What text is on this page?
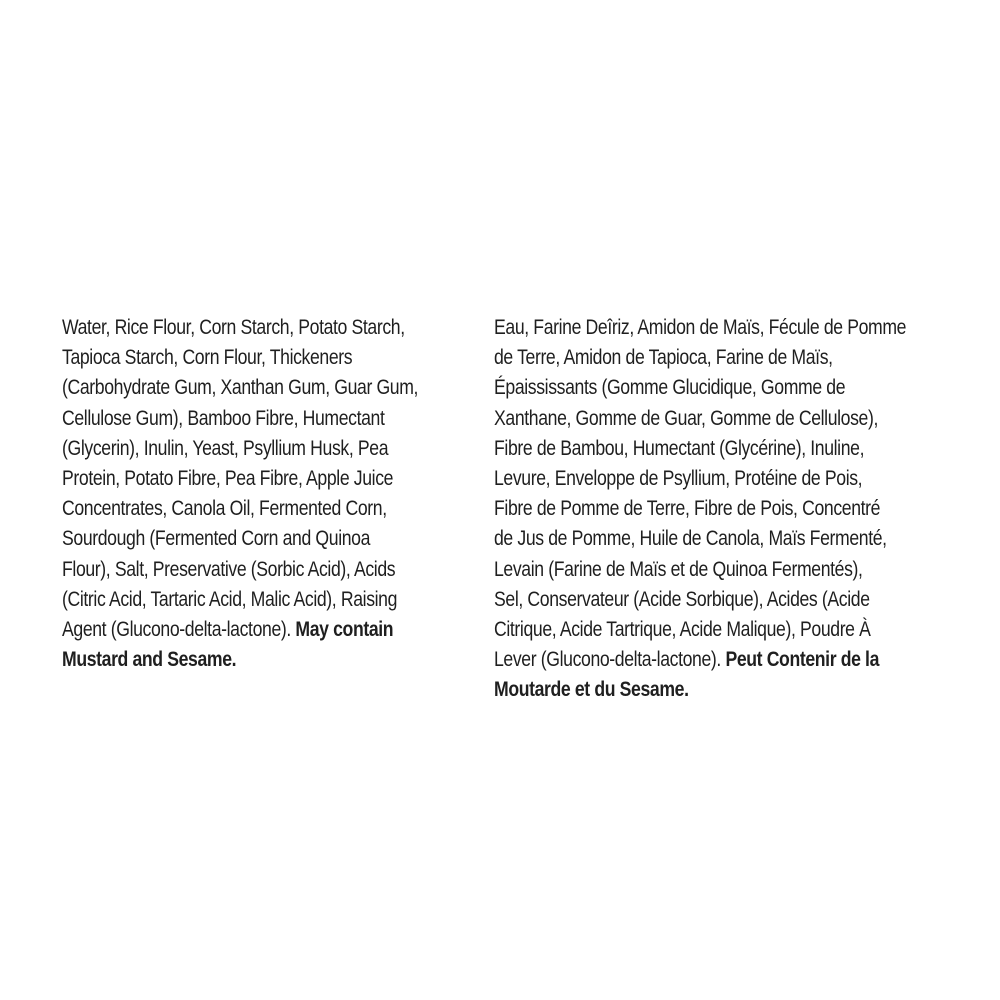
Water, Rice Flour, Corn Starch, Potato Starch,
Tapioca Starch, Corn Flour, Thickeners
(Carbohydrate Gum, Xanthan Gum, Guar Gum,
Cellulose Gum), Bamboo Fibre, Humectant
(Glycerin), Inulin, Yeast, Psyllium Husk, Pea
Protein, Potato Fibre, Pea Fibre, Apple Juice
Concentrates, Canola Oil, Fermented Corn,
Sourdough (Fermented Corn and Quinoa
Flour), Salt, Preservative (Sorbic Acid), Acids
(Citric Acid, Tartaric Acid, Malic Acid), Raising
Agent (Glucono-delta-lactone). May contain
Mustard and Sesame.
Eau, Farine Deîriz, Amidon de Maïs, Fécule de Pomme
de Terre, Amidon de Tapioca, Farine de Maïs,
Épaississants (Gomme Glucidique, Gomme de
Xanthane, Gomme de Guar, Gomme de Cellulose),
Fibre de Bambou, Humectant (Glycérine), Inuline,
Levure, Enveloppe de Psyllium, Protéine de Pois,
Fibre de Pomme de Terre, Fibre de Pois, Concentré
de Jus de Pomme, Huile de Canola, Maïs Fermenté,
Levain (Farine de Maïs et de Quinoa Fermentés),
Sel, Conservateur (Acide Sorbique), Acides (Acide
Citrique, Acide Tartrique, Acide Malique), Poudre À
Lever (Glucono-delta-lactone). Peut Contenir de la
Moutarde et du Sesame.
